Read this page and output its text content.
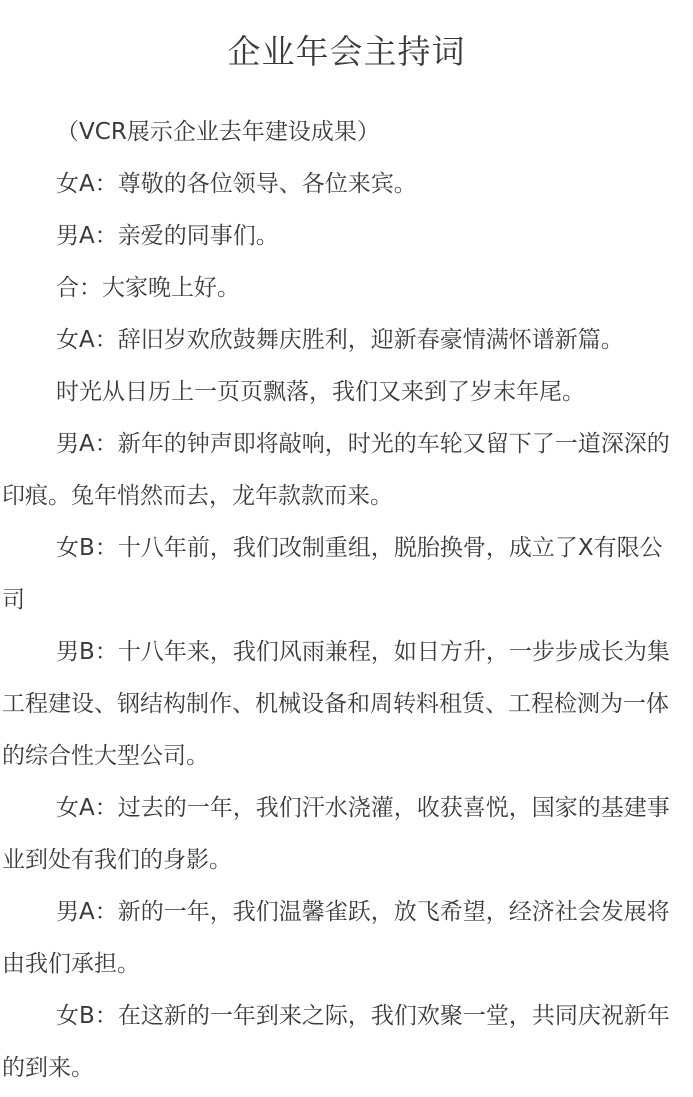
企业年会主持词

（VCR展示企业去年建设成果）

女A：尊敬的各位领导、各位来宾。

男A：亲爱的同事们。

合：大家晚上好。

女A：辞旧岁欢欣鼓舞庆胜利，迎新春豪情满怀谱新篇。

时光从日历上一页页飘落，我们又来到了岁末年尾。

男A：新年的钟声即将敲响，时光的车轮又留下了一道深深的印痕。兔年悄然而去，龙年款款而来。

女B：十八年前，我们改制重组，脱胎换骨，成立了X有限公司

男B：十八年来，我们风雨兼程，如日方升，一步步成长为集工程建设、钢结构制作、机械设备和周转料租赁、工程检测为一体的综合性大型公司。

女A：过去的一年，我们汗水浇灌，收获喜悦，国家的基建事业到处有我们的身影。

男A：新的一年，我们温馨雀跃，放飞希望，经济社会发展将由我们承担。

女B：在这新的一年到来之际，我们欢聚一堂，共同庆祝新年的到来。
